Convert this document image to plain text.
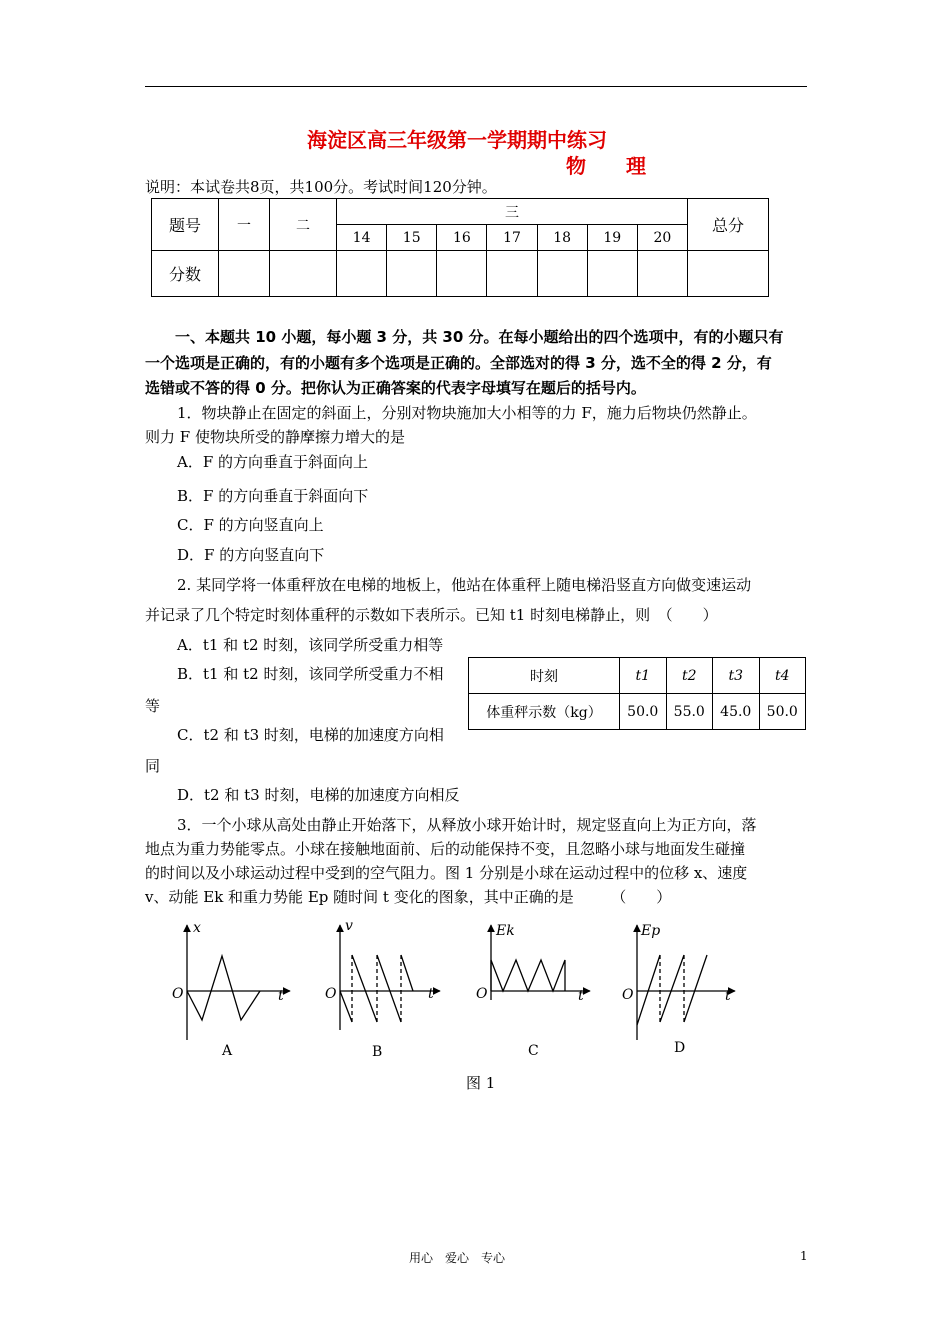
海淀区高三年级第一学期期中练习
物　　理
说明：本试卷共8页，共100分。考试时间120分钟。
题号	一	二	三							总分
			14	15	16	17	18	19	20	
分数										
一、本题共 10 小题，每小题 3 分，共 30 分。在每小题给出的四个选项中，有的小题只有
一个选项是正确的，有的小题有多个选项是正确的。全部选对的得 3 分，选不全的得 2 分，有
选错或不答的得 0 分。把你认为正确答案的代表字母填写在题后的括号内。
1．物块静止在固定的斜面上，分别对物块施加大小相等的力 F，施力后物块仍然静止。
则力 F 使物块所受的静摩擦力增大的是
A．F 的方向垂直于斜面向上
B．F 的方向垂直于斜面向下
C．F 的方向竖直向上
D．F 的方向竖直向下
2. 某同学将一体重秤放在电梯的地板上，他站在体重秤上随电梯沿竖直方向做变速运动
并记录了几个特定时刻体重秤的示数如下表所示。已知 t1 时刻电梯静止，则　（　　）
A．t1 和 t2 时刻，该同学所受重力相等
B．t1 和 t2 时刻，该同学所受重力不相
等
C．t2 和 t3 时刻，电梯的加速度方向相
同
D．t2 和 t3 时刻，电梯的加速度方向相反
时刻	t1	t2	t3	t4
体重秤示数（kg）	50.0	55.0	45.0	50.0
3．一个小球从高处由静止开始落下，从释放小球开始计时，规定竖直向上为正方向，落
地点为重力势能零点。小球在接触地面前、后的动能保持不变，且忽略小球与地面发生碰撞
的时间以及小球运动过程中受到的空气阻力。图 1 分别是小球在运动过程中的位移 x、速度
v、动能 Ek 和重力势能 Ep 随时间 t 变化的图象，其中正确的是　　　（　　）
x
O	t
A
v
O	t
B
Ek
O	t
C
Ep
O	t
D
图 1
用心　爱心　专心	1
